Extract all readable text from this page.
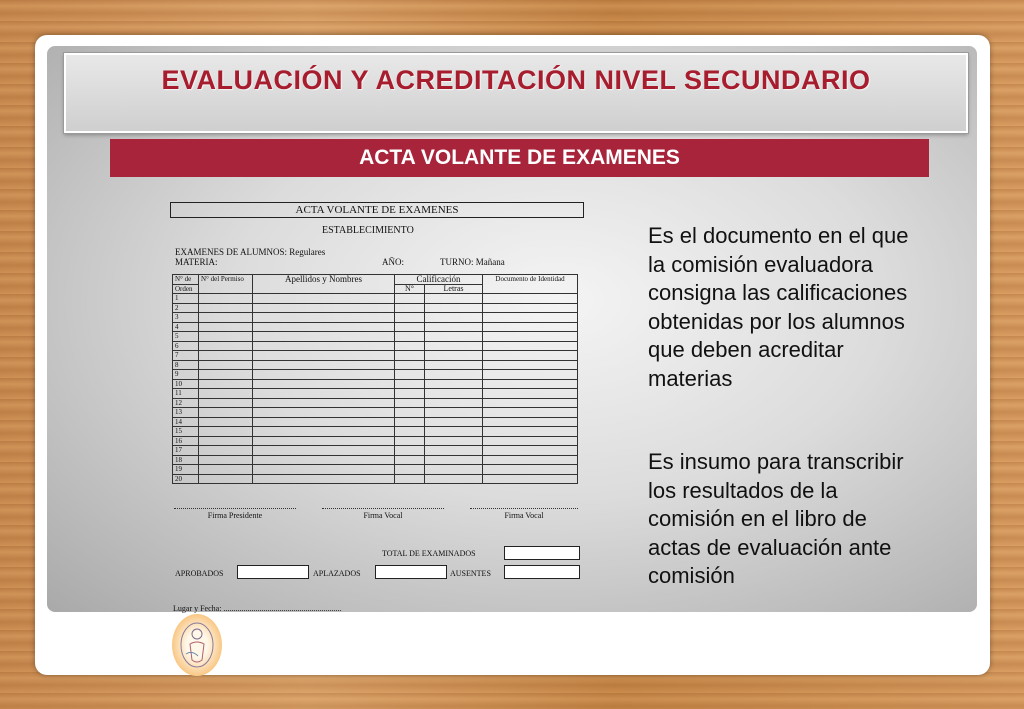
EVALUACIÓN Y ACREDITACIÓN NIVEL SECUNDARIO
ACTA VOLANTE DE EXAMENES
ACTA VOLANTE DE EXAMENES
ESTABLECIMIENTO
EXAMENES DE ALUMNOS: Regulares
MATERIA:	AÑO:	TURNO: Mañana
N° de	N° del Permiso	Apellidos y Nombres	Calificación		Documento de Identidad
Orden			N°	Letras	
1					
2					
3					
4					
5					
6					
7					
8					
9					
10					
11					
12					
13					
14					
15					
16					
17					
18					
19					
20					
Firma Presidente	Firma Vocal	Firma Vocal
TOTAL DE EXAMINADOS
APROBADOS	APLAZADOS	AUSENTES
Lugar y Fecha: ...........................................................
Es el documento en el que
la comisión evaluadora
consigna las calificaciones
obtenidas por los alumnos
que deben acreditar
materias
Es insumo para transcribir
los resultados de la
comisión en el libro de
actas de evaluación ante
comisión
